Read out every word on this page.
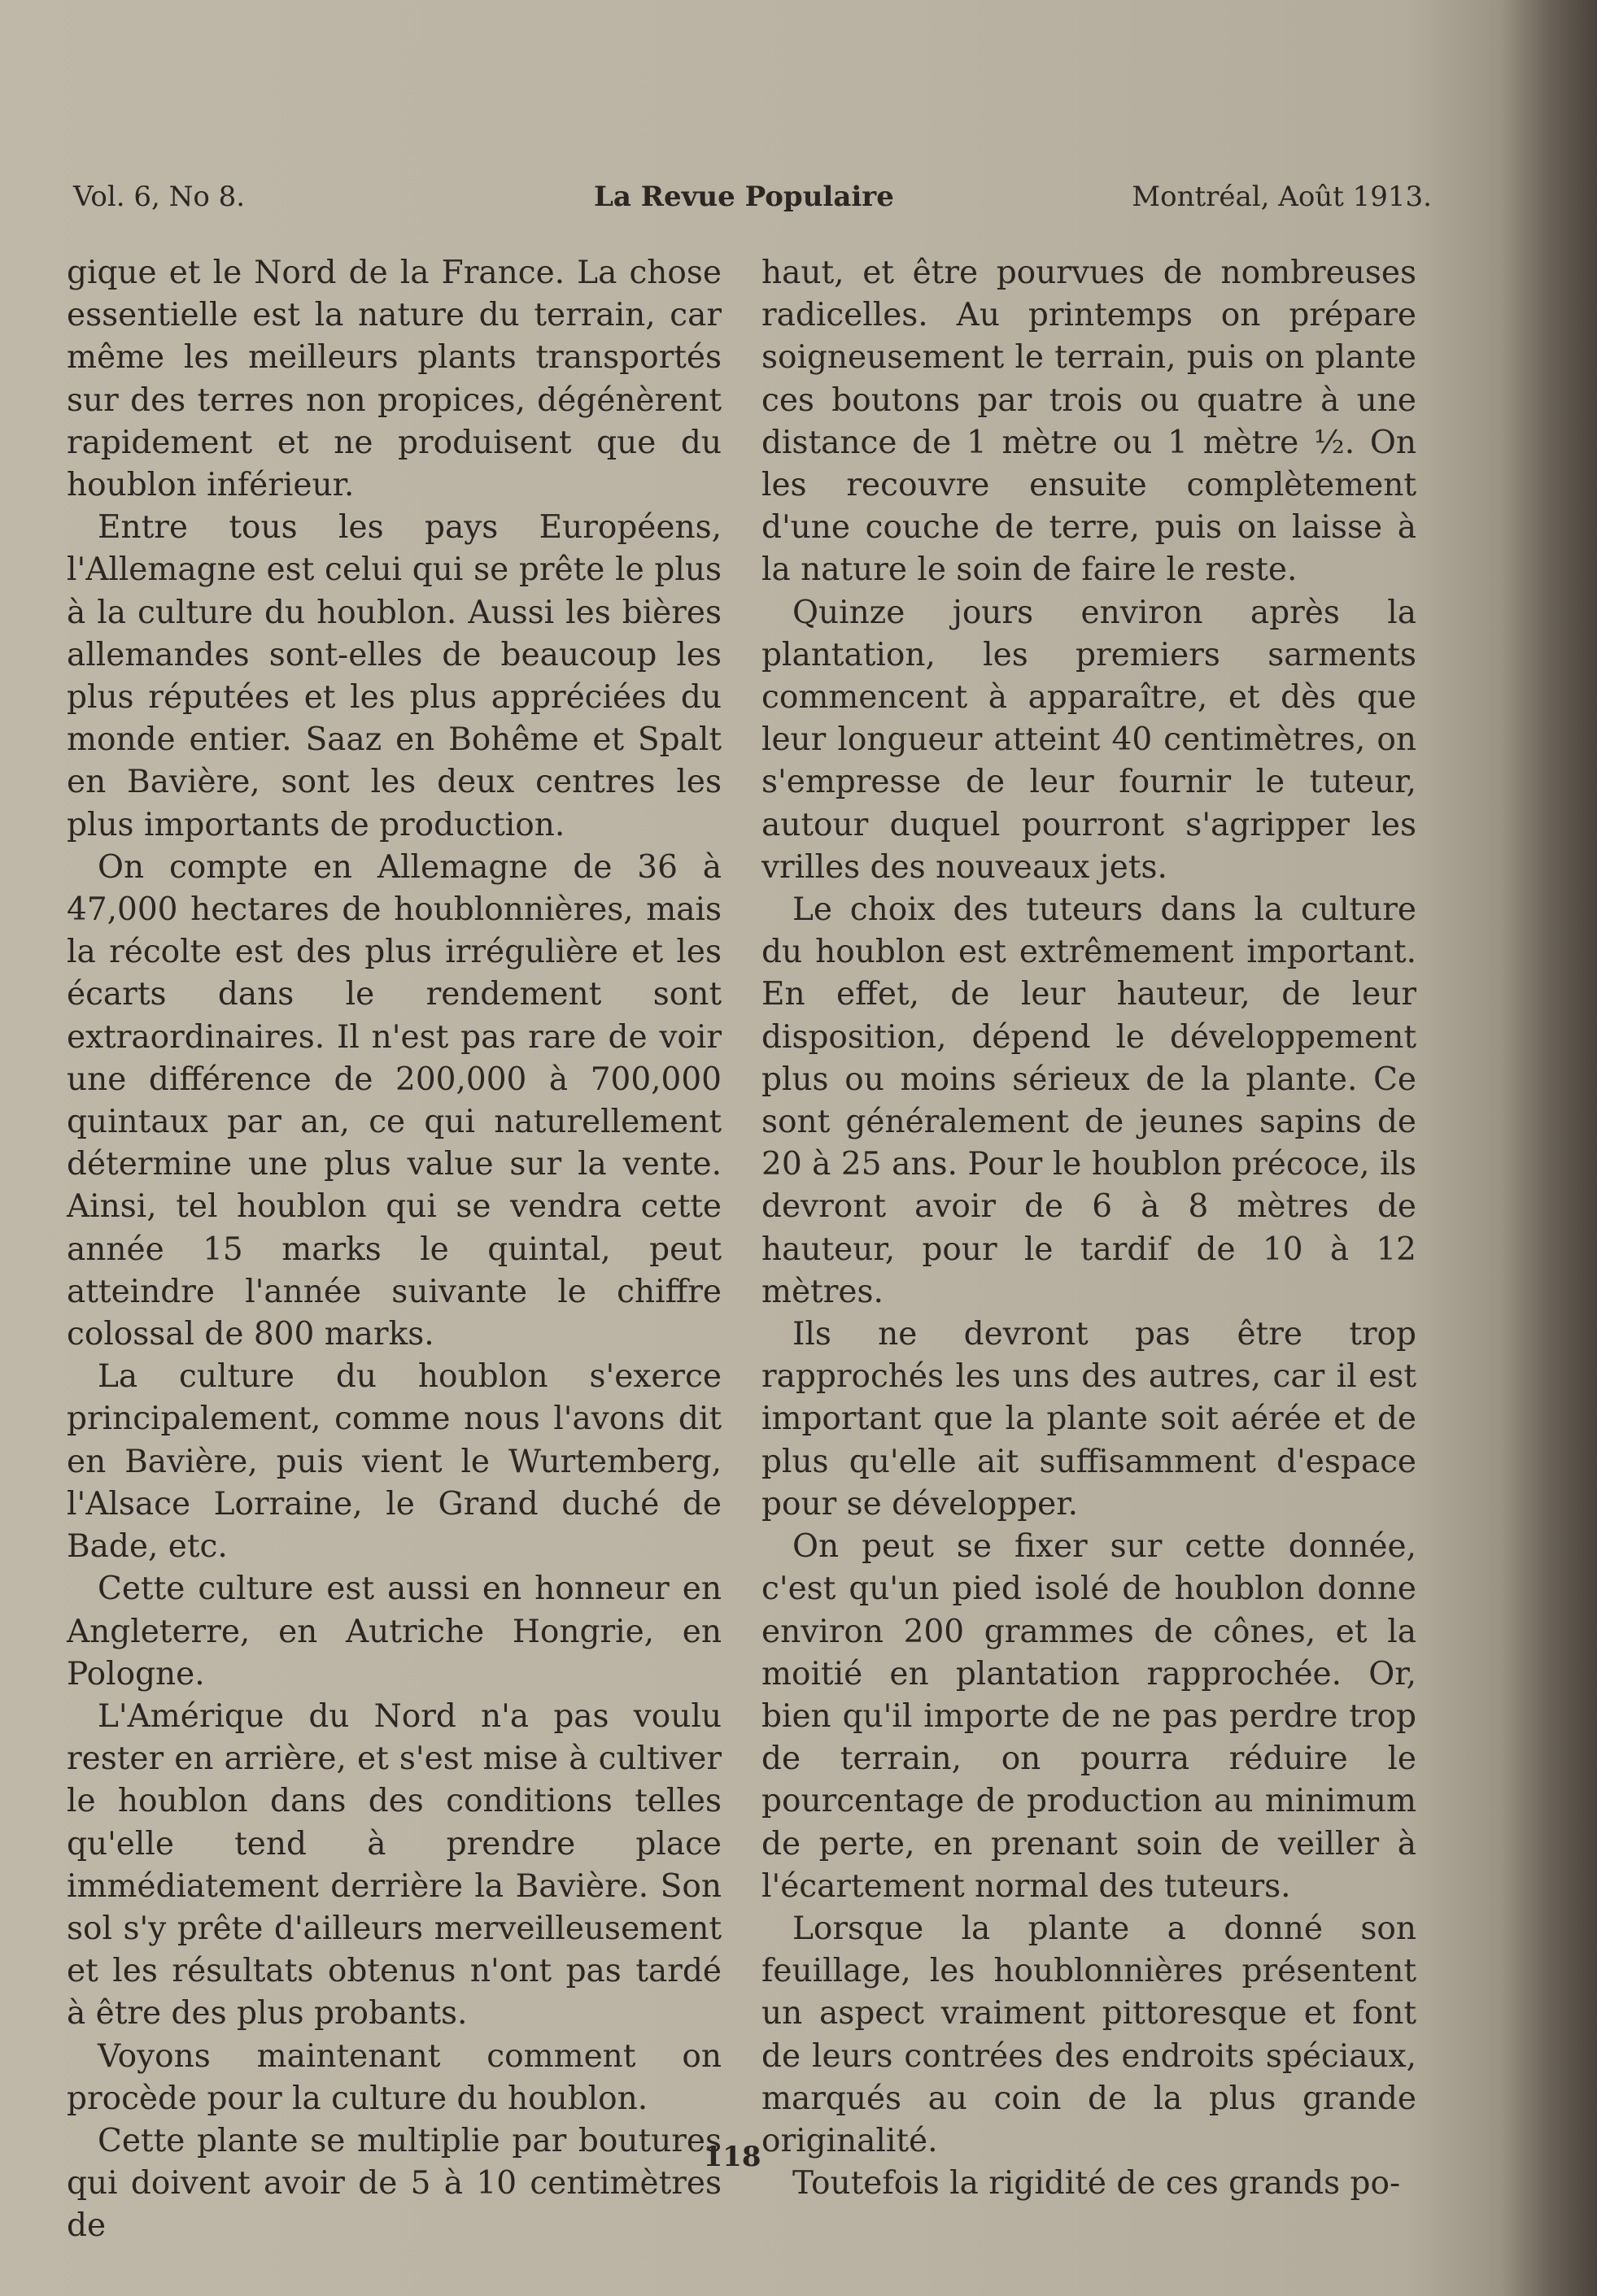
Vol. 6, No 8.	La Revue Populaire	Montréal, Août 1913.

gique et le Nord de la France. La chose essentielle est la nature du terrain, car même les meilleurs plants transportés sur des terres non propices, dégénèrent rapidement et ne produisent que du houblon inférieur.

Entre tous les pays Européens, l'Allemagne est celui qui se prête le plus à la culture du houblon. Aussi les bières allemandes sont-elles de beaucoup les plus réputées et les plus appréciées du monde entier. Saaz en Bohême et Spalt en Bavière, sont les deux centres les plus importants de production.

On compte en Allemagne de 36 à 47,000 hectares de houblonnières, mais la récolte est des plus irrégulière et les écarts dans le rendement sont extraordinaires. Il n'est pas rare de voir une différence de 200,000 à 700,000 quintaux par an, ce qui naturellement détermine une plus value sur la vente. Ainsi, tel houblon qui se vendra cette année 15 marks le quintal, peut atteindre l'année suivante le chiffre colossal de 800 marks.

La culture du houblon s'exerce principalement, comme nous l'avons dit en Bavière, puis vient le Wurtemberg, l'Alsace Lorraine, le Grand duché de Bade, etc.

Cette culture est aussi en honneur en Angleterre, en Autriche Hongrie, en Pologne.

L'Amérique du Nord n'a pas voulu rester en arrière, et s'est mise à cultiver le houblon dans des conditions telles qu'elle tend à prendre place immédiatement derrière la Bavière. Son sol s'y prête d'ailleurs merveilleusement et les résultats obtenus n'ont pas tardé à être des plus probants.

Voyons maintenant comment on procède pour la culture du houblon.

Cette plante se multiplie par boutures qui doivent avoir de 5 à 10 centimètres de

haut, et être pourvues de nombreuses radicelles. Au printemps on prépare soigneusement le terrain, puis on plante ces boutons par trois ou quatre à une distance de 1 mètre ou 1 mètre ½. On les recouvre ensuite complètement d'une couche de terre, puis on laisse à la nature le soin de faire le reste.

Quinze jours environ après la plantation, les premiers sarments commencent à apparaître, et dès que leur longueur atteint 40 centimètres, on s'empresse de leur fournir le tuteur, autour duquel pourront s'agripper les vrilles des nouveaux jets.

Le choix des tuteurs dans la culture du houblon est extrêmement important. En effet, de leur hauteur, de leur disposition, dépend le développement plus ou moins sérieux de la plante. Ce sont généralement de jeunes sapins de 20 à 25 ans. Pour le houblon précoce, ils devront avoir de 6 à 8 mètres de hauteur, pour le tardif de 10 à 12 mètres.

Ils ne devront pas être trop rapprochés les uns des autres, car il est important que la plante soit aérée et de plus qu'elle ait suffisamment d'espace pour se développer.

On peut se fixer sur cette donnée, c'est qu'un pied isolé de houblon donne environ 200 grammes de cônes, et la moitié en plantation rapprochée. Or, bien qu'il importe de ne pas perdre trop de terrain, on pourra réduire le pourcentage de production au minimum de perte, en prenant soin de veiller à l'écartement normal des tuteurs.

Lorsque la plante a donné son feuillage, les houblonnières présentent un aspect vraiment pittoresque et font de leurs contrées des endroits spéciaux, marqués au coin de la plus grande originalité.

Toutefois la rigidité de ces grands po-

118
